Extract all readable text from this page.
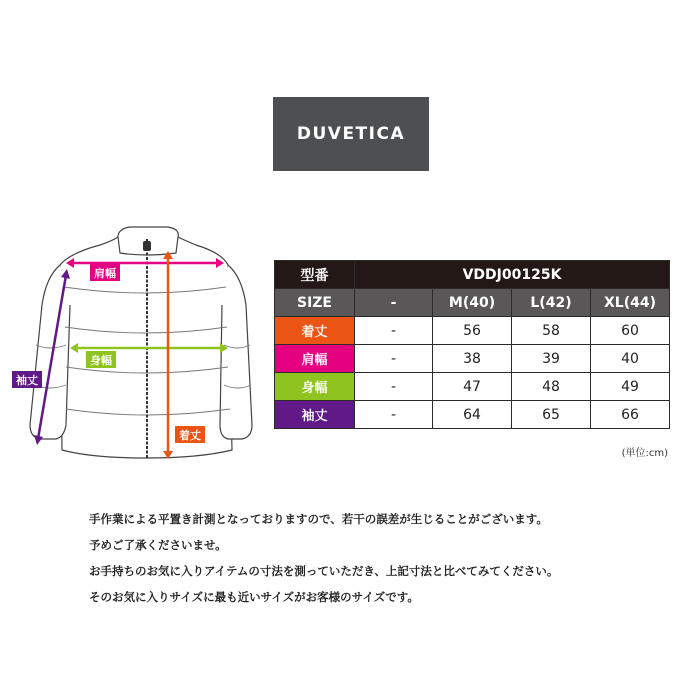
DUVETICA
肩幅
身幅
袖丈
着丈
型番	VDDJ00125K			
SIZE	-	M(40)	L(42)	XL(44)
着丈	-	56	58	60
肩幅	-	38	39	40
身幅	-	47	48	49
袖丈	-	64	65	66
(単位:cm)

手作業による平置き計測となっておりますので、若干の誤差が生じることがございます。

予めご了承くださいませ。

お手持ちのお気に入りアイテムの寸法を測っていただき、上記寸法と比べてみてください。

そのお気に入りサイズに最も近いサイズがお客様のサイズです。
